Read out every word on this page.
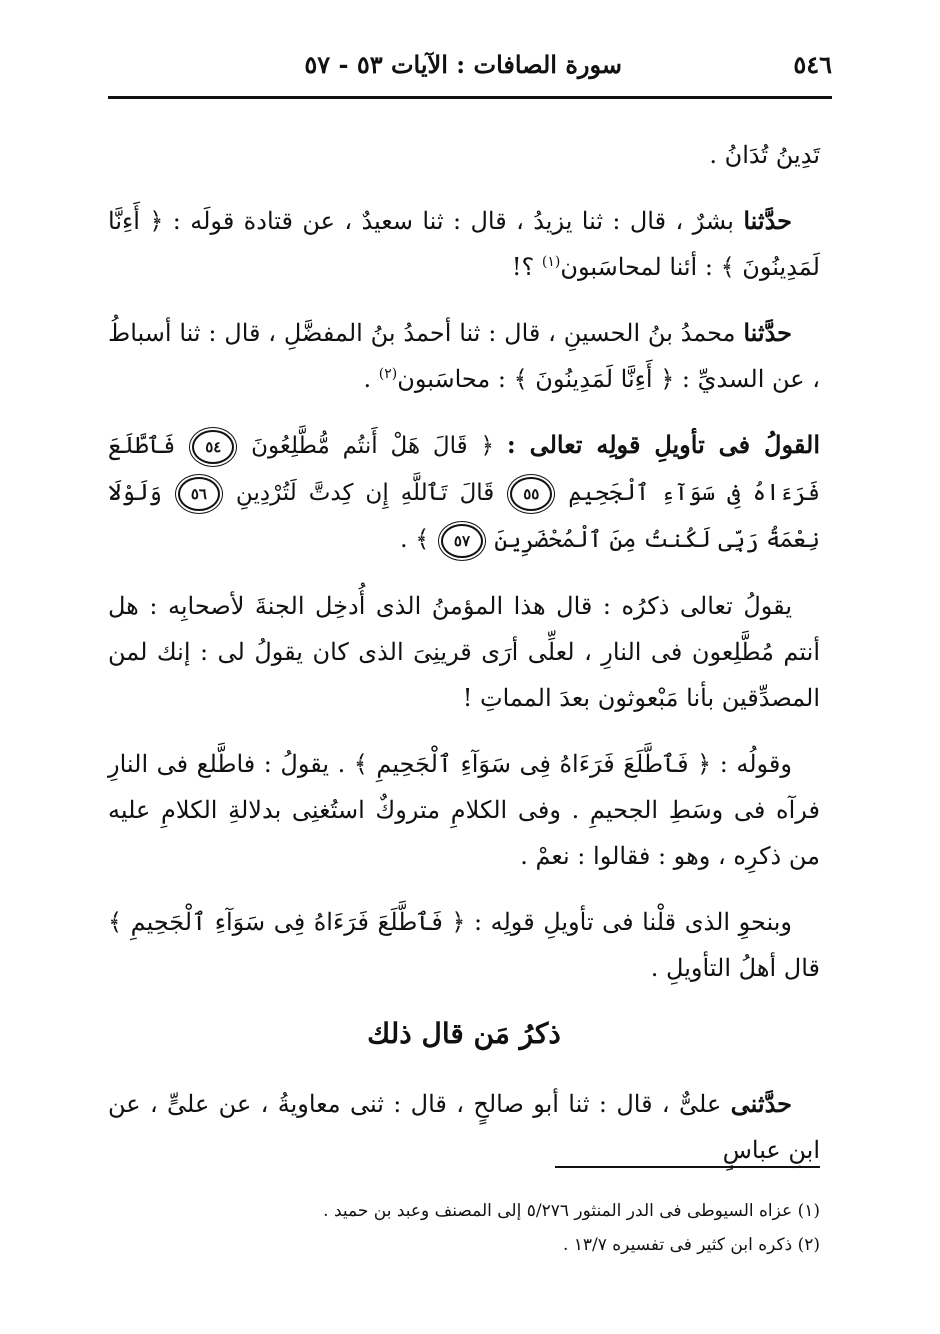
٥٤٦
سورة الصافات : الآيات ٥٣ - ٥٧

تَدِينُ تُدَانُ .

حدَّثنا بشرٌ ، قال : ثنا يزيدُ ، قال : ثنا سعيدٌ ، عن قتادة قولَه : ﴿ أَءِنَّا لَمَدِينُونَ ﴾ : أئنا لمحاسَبون$^{(١)}$ ؟!

حدَّثنا محمدُ بنُ الحسينِ ، قال : ثنا أحمدُ بنُ المفضَّلِ ، قال : ثنا أسباطُ ، عن السديِّ : ﴿ أَءِنَّا لَمَدِينُونَ ﴾ : محاسَبون$^{(٢)}$ .

القولُ فى تأويلِ قولِه تعالى : ﴿ قَالَ هَلْ أَنتُم مُّطَّلِعُونَ ٥٤ فَٱطَّلَعَ فَرَءَاهُ فِى سَوَآءِ ٱلْجَحِيمِ ٥٥ قَالَ تَٱللَّهِ إِن كِدتَّ لَتُرْدِينِ ٥٦ وَلَوْلَا نِعْمَةُ رَبِّى لَكُنتُ مِنَ ٱلْمُحْضَرِينَ ٥٧ ﴾ .

يقولُ تعالى ذكرُه : قال هذا المؤمنُ الذى أُدخِل الجنةَ لأصحابِه : هل أنتم مُطَّلِعون فى النارِ ، لعلِّى أرَى قرينِىَ الذى كان يقولُ لى : إنك لمن المصدِّقين بأنا مَبْعوثون بعدَ المماتِ !

وقولُه : ﴿ فَٱطَّلَعَ فَرَءَاهُ فِى سَوَآءِ ٱلْجَحِيمِ ﴾ . يقولُ : فاطَّلع فى النارِ فرآه فى وسَطِ الجحيمِ . وفى الكلامِ متروكٌ استُغنِى بدلالةِ الكلامِ عليه من ذكرِه ، وهو : فقالوا : نعمْ .

وبنحوِ الذى قلْنا فى تأويلِ قولِه : ﴿ فَٱطَّلَعَ فَرَءَاهُ فِى سَوَآءِ ٱلْجَحِيمِ ﴾ قال أهلُ التأويلِ .

ذكرُ مَن قال ذلك

حدَّثنى علىٌّ ، قال : ثنا أبو صالحٍ ، قال : ثنى معاويةُ ، عن علىٍّ ، عن ابنِ عباسٍ

(١) عزاه السيوطى فى الدر المنثور ٥/٢٧٦ إلى المصنف وعبد بن حميد .

(٢) ذكره ابن كثير فى تفسيره ١٣/٧ .
